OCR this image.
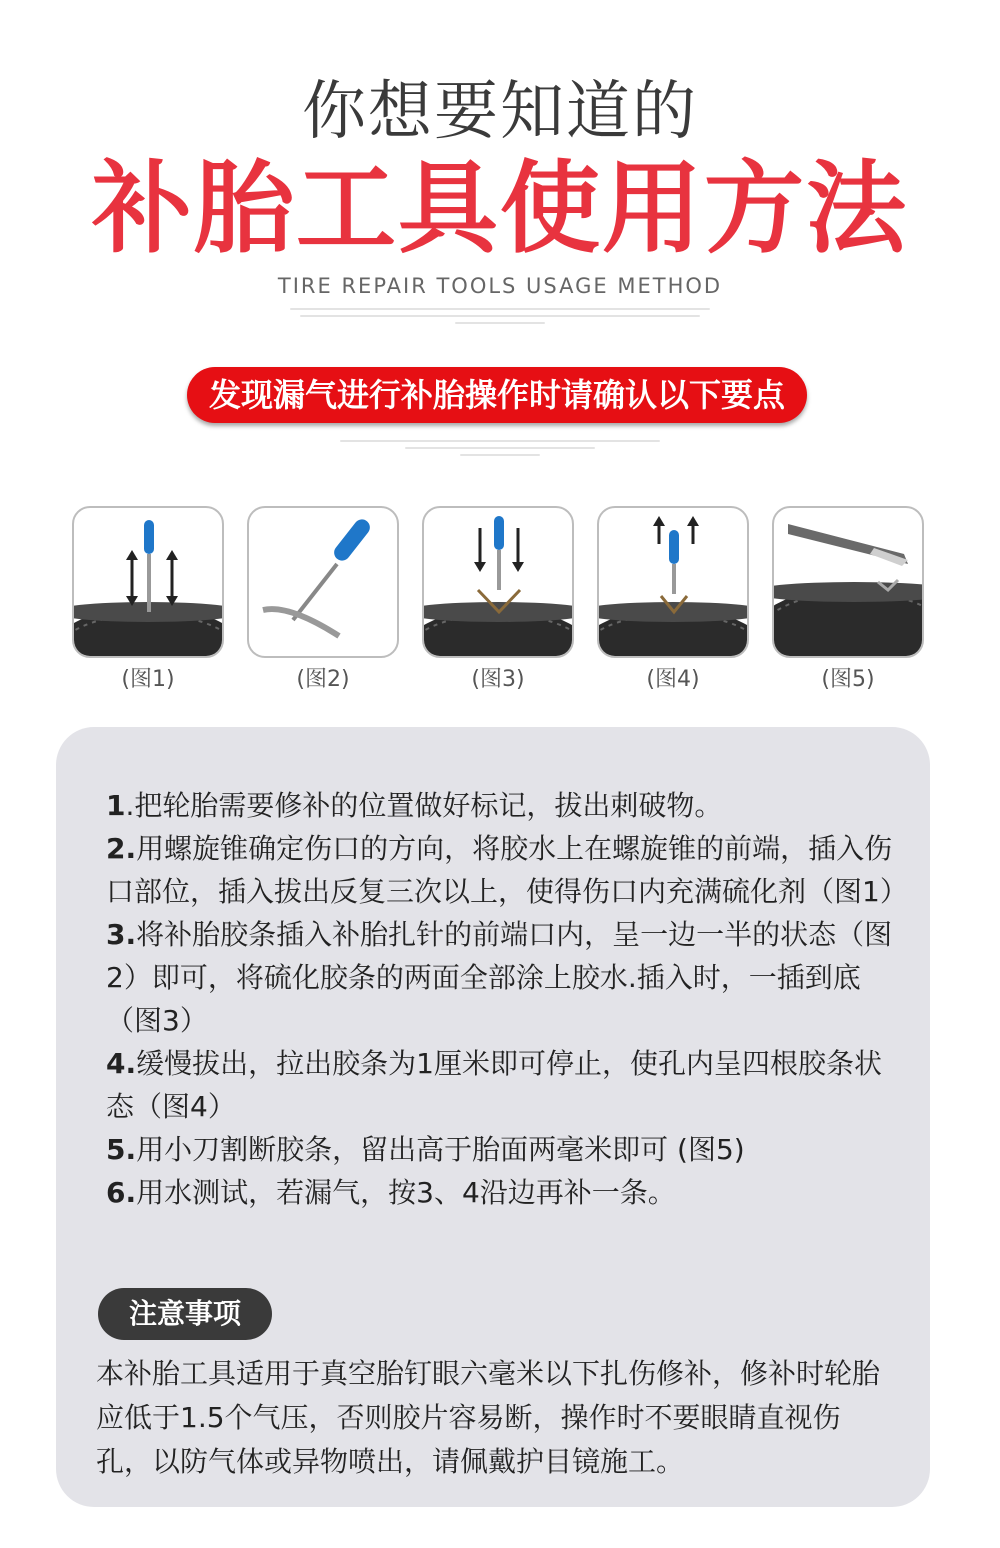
你想要知道的
补胎工具使用方法
TIRE REPAIR TOOLS USAGE METHOD
发现漏气进行补胎操作时请确认以下要点
(图1)	(图2)	(图3)	(图4)	(图5)

1.把轮胎需要修补的位置做好标记，拔出刺破物。

2.用螺旋锥确定伤口的方向，将胶水上在螺旋锥的前端，插入伤口部位，插入拔出反复三次以上，使得伤口内充满硫化剂（图1）

3.将补胎胶条插入补胎扎针的前端口内，呈一边一半的状态（图2）即可，将硫化胶条的两面全部涂上胶水.插入时，一插到底（图3）

4.缓慢拔出，拉出胶条为1厘米即可停止，使孔内呈四根胶条状态（图4）

5.用小刀割断胶条，留出高于胎面两毫米即可 (图5)

6.用水测试，若漏气，按3、4沿边再补一条。

注意事项
本补胎工具适用于真空胎钉眼六毫米以下扎伤修补，修补时轮胎应低于1.5个气压，否则胶片容易断，操作时不要眼睛直视伤孔，以防气体或异物喷出，请佩戴护目镜施工。
